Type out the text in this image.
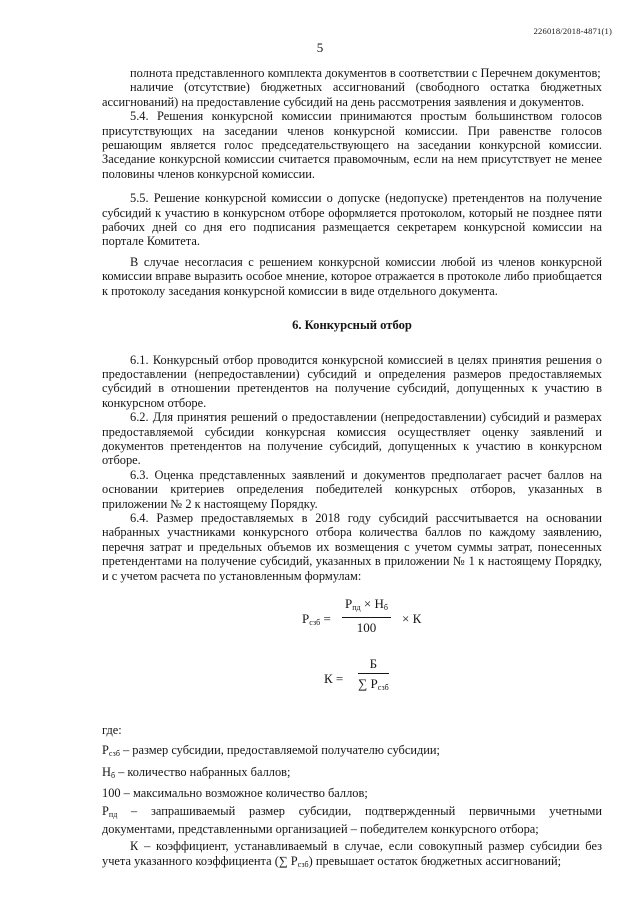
226018/2018-4871(1)
5

полнота представленного комплекта документов в соответствии с Перечнем документов;

наличие (отсутствие) бюджетных ассигнований (свободного остатка бюджетных ассигнований) на предоставление субсидий на день рассмотрения заявления и документов.

5.4. Решения конкурсной комиссии принимаются простым большинством голосов присутствующих на заседании членов конкурсной комиссии. При равенстве голосов решающим является голос председательствующего на заседании конкурсной комиссии. Заседание конкурсной комиссии считается правомочным, если на нем присутствует не менее половины членов конкурсной комиссии.

5.5. Решение конкурсной комиссии о допуске (недопуске) претендентов на получение субсидий к участию в конкурсном отборе оформляется протоколом, который не позднее пяти рабочих дней со дня его подписания размещается секретарем конкурсной комиссии на портале Комитета.

В случае несогласия с решением конкурсной комиссии любой из членов конкурсной комиссии вправе выразить особое мнение, которое отражается в протоколе либо приобщается к протоколу заседания конкурсной комиссии в виде отдельного документа.

6. Конкурсный отбор

6.1. Конкурсный отбор проводится конкурсной комиссией в целях принятия решения о предоставлении (непредоставлении) субсидий и определения размеров предоставляемых субсидий в отношении претендентов на получение субсидий, допущенных к участию в конкурсном отборе.

6.2. Для принятия решений о предоставлении (непредоставлении) субсидий и размерах предоставляемой субсидии конкурсная комиссия осуществляет оценку заявлений и документов претендентов на получение субсидий, допущенных к участию в конкурсном отборе.

6.3. Оценка представленных заявлений и документов предполагает расчет баллов на основании критериев определения победителей конкурсных отборов, указанных в приложении № 2 к настоящему Порядку.

6.4. Размер предоставляемых в 2018 году субсидий рассчитывается на основании набранных участниками конкурсного отбора количества баллов по каждому заявлению, перечня затрат и предельных объемов их возмещения с учетом суммы затрат, понесенных претендентами на получение субсидий, указанных в приложении № 1 к настоящему Порядку, и с учетом расчета по установленным формулам:

$Р_{сзб}$ =
$Р_{пд} \times Н_б$
100
× К
К =
Б
∑ $Р_{сзб}$

где:

$Р_{сзб}$ – размер субсидии, предоставляемой получателю субсидии;

$Н_б$ – количество набранных баллов;

100 – максимально возможное количество баллов;

$Р_{пд}$ – запрашиваемый размер субсидии, подтвержденный первичными учетными документами, представленными организацией – победителем конкурсного отбора;

К – коэффициент, устанавливаемый в случае, если совокупный размер субсидии без учета указанного коэффициента (∑ $Р_{сзб}$) превышает остаток бюджетных ассигнований;
